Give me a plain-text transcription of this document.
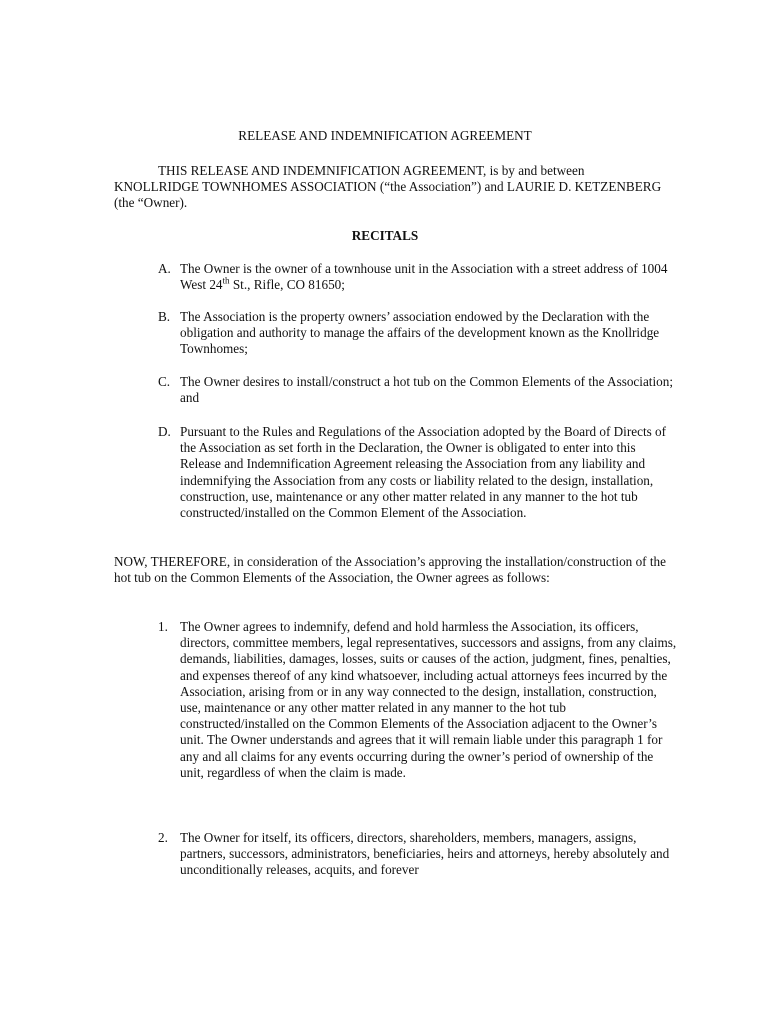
RELEASE AND INDEMNIFICATION AGREEMENT
THIS RELEASE AND INDEMNIFICATION AGREEMENT, is by and between KNOLLRIDGE TOWNHOMES ASSOCIATION (“the Association”) and LAURIE D. KETZENBERG (the “Owner).
RECITALS
A. The Owner is the owner of a townhouse unit in the Association with a street address of 1004 West 24th St., Rifle, CO 81650;
B. The Association is the property owners’ association endowed by the Declaration with the obligation and authority to manage the affairs of the development known as the Knollridge Townhomes;
C. The Owner desires to install/construct a hot tub on the Common Elements of the Association; and
D. Pursuant to the Rules and Regulations of the Association adopted by the Board of Directs of the Association as set forth in the Declaration, the Owner is obligated to enter into this Release and Indemnification Agreement releasing the Association from any liability and indemnifying the Association from any costs or liability related to the design, installation, construction, use, maintenance or any other matter related in any manner to the hot tub constructed/installed on the Common Element of the Association.
NOW, THEREFORE, in consideration of the Association’s approving the installation/construction of the hot tub on the Common Elements of the Association, the Owner agrees as follows:
1. The Owner agrees to indemnify, defend and hold harmless the Association, its officers, directors, committee members, legal representatives, successors and assigns, from any claims, demands, liabilities, damages, losses, suits or causes of the action, judgment, fines, penalties, and expenses thereof of any kind whatsoever, including actual attorneys fees incurred by the Association, arising from or in any way connected to the design, installation, construction, use, maintenance or any other matter related in any manner to the hot tub constructed/installed on the Common Elements of the Association adjacent to the Owner’s unit. The Owner understands and agrees that it will remain liable under this paragraph 1 for any and all claims for any events occurring during the owner’s period of ownership of the unit, regardless of when the claim is made.
2. The Owner for itself, its officers, directors, shareholders, members, managers, assigns, partners, successors, administrators, beneficiaries, heirs and attorneys, hereby absolutely and unconditionally releases, acquits, and forever
